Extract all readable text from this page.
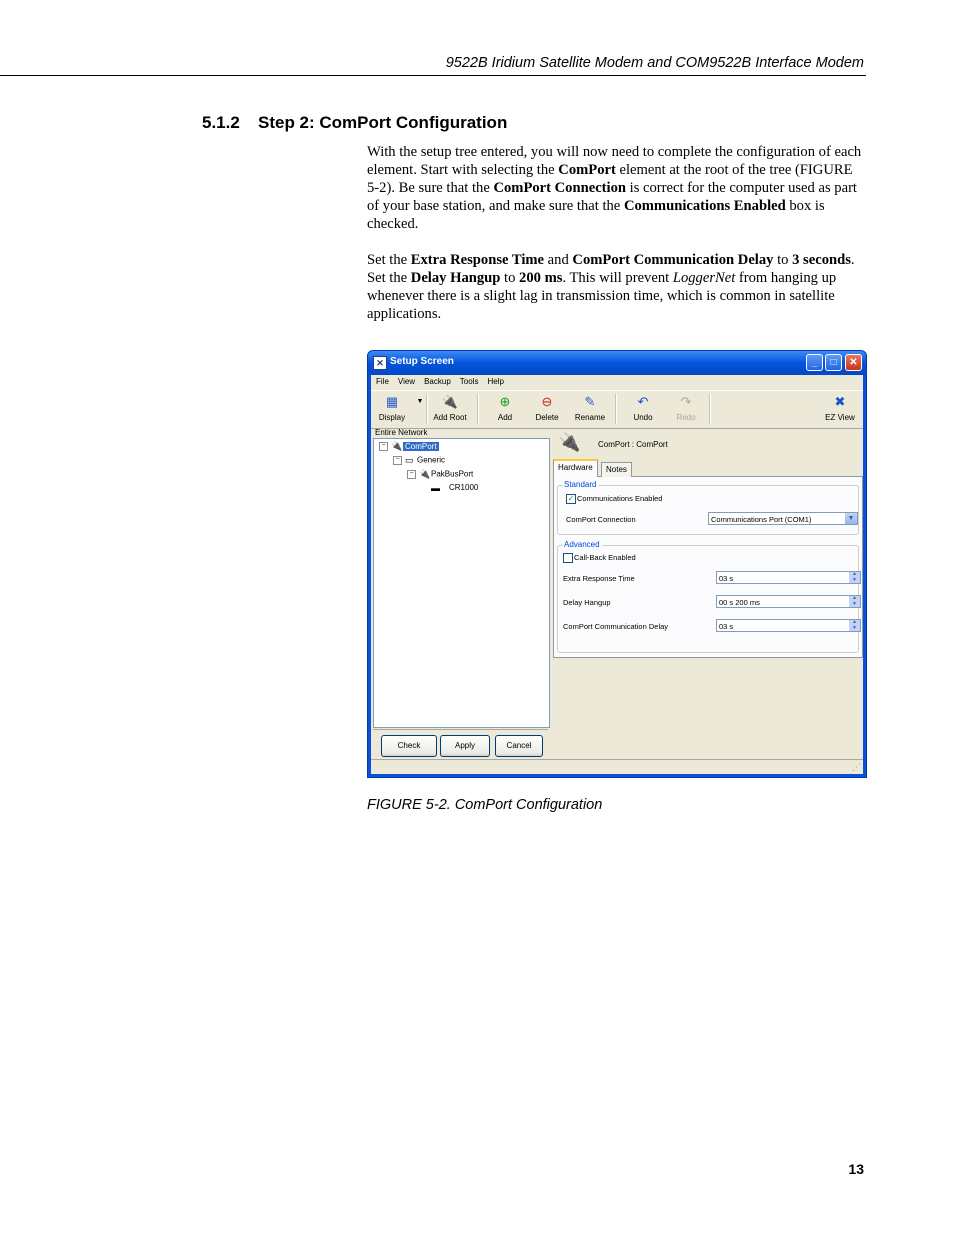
9522B Iridium Satellite Modem and COM9522B Interface Modem
5.1.2 Step 2: ComPort Configuration
With the setup tree entered, you will now need to complete the configuration of each element. Start with selecting the ComPort element at the root of the tree (FIGURE 5-2). Be sure that the ComPort Connection is correct for the computer used as part of your base station, and make sure that the Communications Enabled box is checked.
Set the Extra Response Time and ComPort Communication Delay to 3 seconds. Set the Delay Hangup to 200 ms. This will prevent LoggerNet from hanging up whenever there is a slight lag in transmission time, which is common in satellite applications.
✕ Setup Screen	_	□	✕
File View Backup Tools Help
▦
Display
▼	🔌
Add Root
⊕
Add
⊖
Delete
✎
Rename
↶
Undo
↷
Redo
✖
EZ View
Entire Network
− 🔌 ComPort
− ▭ Generic
− 🔌PakBusPort
▬ CR1000
Check	Apply	Cancel
🔌 ComPort : ComPort
Hardware	Notes
Standard
✓ Communications Enabled
ComPort Connection	Communications Port (COM1)	▼
Advanced
Call-Back Enabled
Extra Response Time	03 s	▲
▼
Delay Hangup	00 s 200 ms	▲
▼
ComPort Communication Delay	03 s	▲
▼
⋰
FIGURE 5-2. ComPort Configuration
13
